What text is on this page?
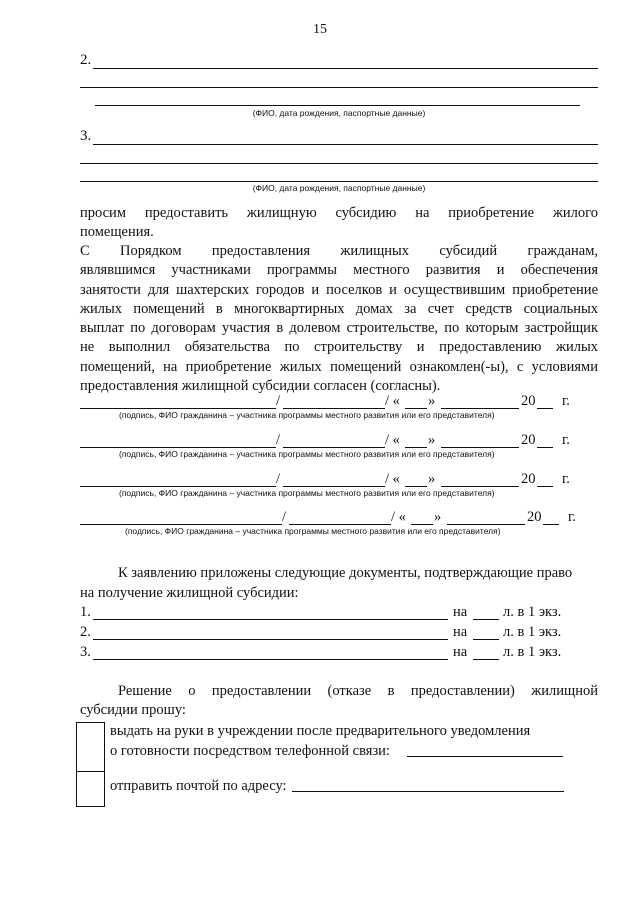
15
2.
(ФИО, дата рождения, паспортные данные)
3.
(ФИО, дата рождения, паспортные данные)

просим предоставить жилищную субсидию на приобретение жилого
помещения.

С Порядком предоставления жилищных субсидий гражданам,
являвшимся участниками программы местного развития и обеспечения
занятости для шахтерских городов и поселков и осуществившим приобретение
жилых помещений в многоквартирных домах за счет средств социальных
выплат по договорам участия в долевом строительстве, по которым застройщик
не выполнил обязательства по строительству и предоставлению жилых
помещений, на приобретение жилых помещений ознакомлен(-ы), с условиями
предоставления жилищной субсидии согласен (согласны).

/	/ « »	20 г.
(подпись, ФИО гражданина – участника программы местного развития или его представителя)
/	/ « »	20 г.
(подпись, ФИО гражданина – участника программы местного развития или его представителя)
/	/ « »	20 г.
(подпись, ФИО гражданина – участника программы местного развития или его представителя)
/	/ « »	20 г.
(подпись, ФИО гражданина – участника программы местного развития или его представителя)
К заявлению приложены следующие документы, подтверждающие право
на получение жилищной субсидии:
1.	на л. в 1 экз.
2.	на л. в 1 экз.
3.	на л. в 1 экз.

Решение о предоставлении (отказе в предоставлении) жилищной

субсидии прошу:
выдать на руки в учреждении после предварительного уведомления
о готовности посредством телефонной связи:
отправить почтой по адресу:
